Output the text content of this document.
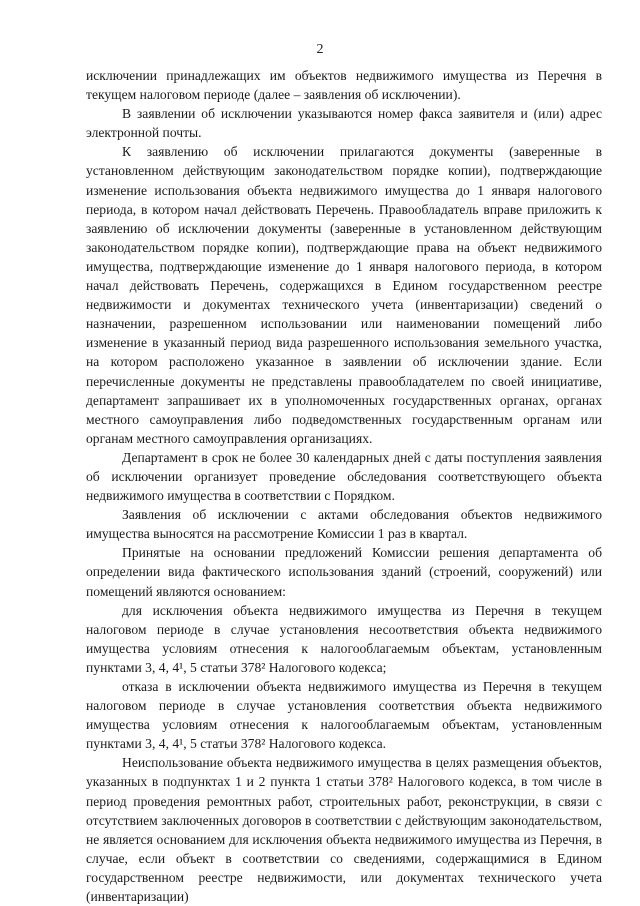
2

исключении принадлежащих им объектов недвижимого имущества из Перечня в текущем налоговом периоде (далее – заявления об исключении).

В заявлении об исключении указываются номер факса заявителя и (или) адрес электронной почты.

К заявлению об исключении прилагаются документы (заверенные в установленном действующим законодательством порядке копии), подтверждающие изменение использования объекта недвижимого имущества до 1 января налогового периода, в котором начал действовать Перечень. Правообладатель вправе приложить к заявлению об исключении документы (заверенные в установленном действующим законодательством порядке копии), подтверждающие права на объект недвижимого имущества, подтверждающие изменение до 1 января налогового периода, в котором начал действовать Перечень, содержащихся в Едином государственном реестре недвижимости и документах технического учета (инвентаризации) сведений о назначении, разрешенном использовании или наименовании помещений либо изменение в указанный период вида разрешенного использования земельного участка, на котором расположено указанное в заявлении об исключении здание. Если перечисленные документы не представлены правообладателем по своей инициативе, департамент запрашивает их в уполномоченных государственных органах, органах местного самоуправления либо подведомственных государственным органам или органам местного самоуправления организациях.

Департамент в срок не более 30 календарных дней с даты поступления заявления об исключении организует проведение обследования соответствующего объекта недвижимого имущества в соответствии с Порядком.

Заявления об исключении с актами обследования объектов недвижимого имущества выносятся на рассмотрение Комиссии 1 раз в квартал.

Принятые на основании предложений Комиссии решения департамента об определении вида фактического использования зданий (строений, сооружений) или помещений являются основанием:

для исключения объекта недвижимого имущества из Перечня в текущем налоговом периоде в случае установления несоответствия объекта недвижимого имущества условиям отнесения к налогооблагаемым объектам, установленным пунктами 3, 4, 4¹, 5 статьи 378² Налогового кодекса;

отказа в исключении объекта недвижимого имущества из Перечня в текущем налоговом периоде в случае установления соответствия объекта недвижимого имущества условиям отнесения к налогооблагаемым объектам, установленным пунктами 3, 4, 4¹, 5 статьи 378² Налогового кодекса.

Неиспользование объекта недвижимого имущества в целях размещения объектов, указанных в подпунктах 1 и 2 пункта 1 статьи 378² Налогового кодекса, в том числе в период проведения ремонтных работ, строительных работ, реконструкции, в связи с отсутствием заключенных договоров в соответствии с действующим законодательством, не является основанием для исключения объекта недвижимого имущества из Перечня, в случае, если объект в соответствии со сведениями, содержащимися в Едином государственном реестре недвижимости, или документах технического учета (инвентаризации)
